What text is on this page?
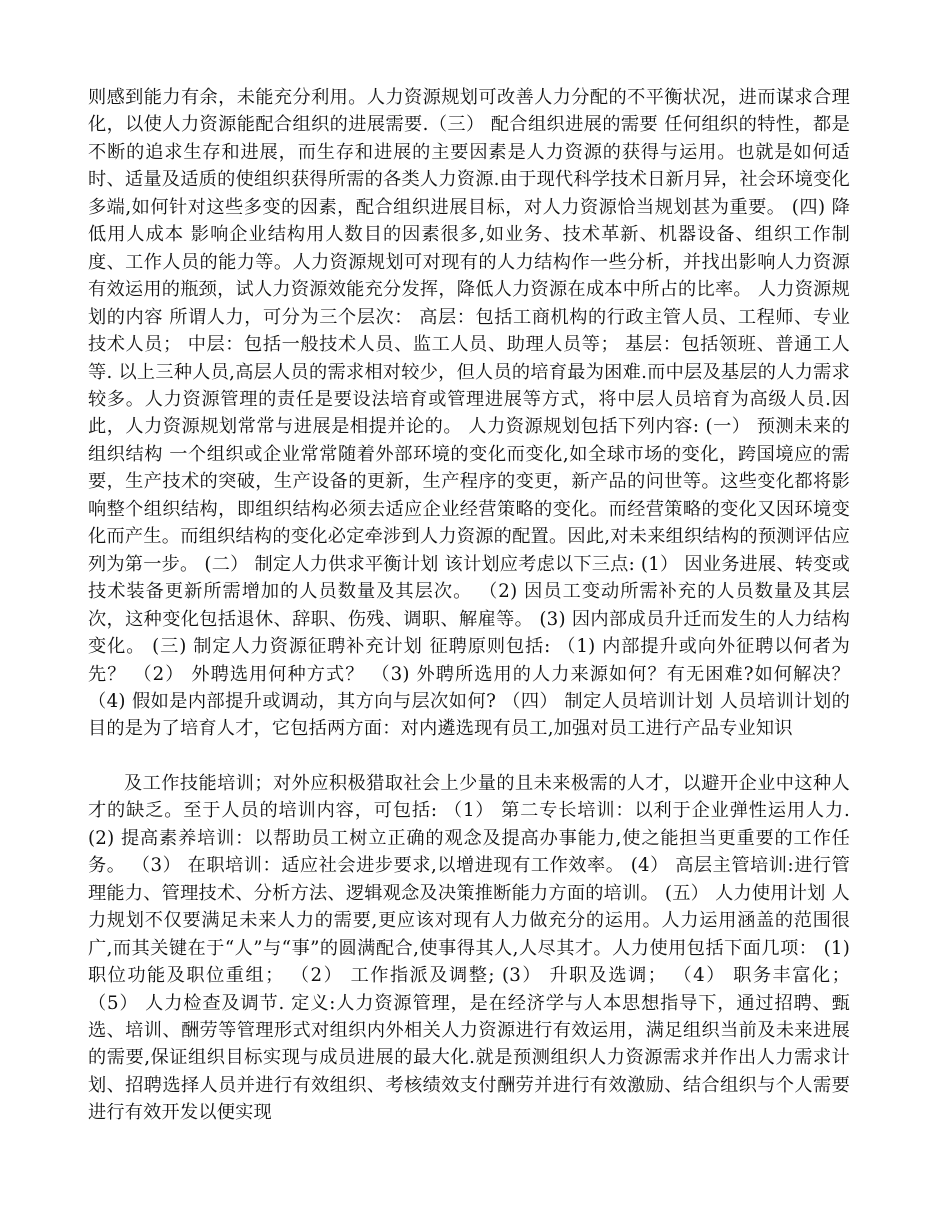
则感到能力有余，未能充分利用。人力资源规划可改善人力分配的不平衡状况，进而谋求合理化，以使人力资源能配合组织的进展需要.（三） 配合组织进展的需要 任何组织的特性，都是不断的追求生存和进展，而生存和进展的主要因素是人力资源的获得与运用。也就是如何适时、适量及适质的使组织获得所需的各类人力资源.由于现代科学技术日新月异，社会环境变化多端,如何针对这些多变的因素，配合组织进展目标，对人力资源恰当规划甚为重要。 (四) 降低用人成本 影响企业结构用人数目的因素很多,如业务、技术革新、机器设备、组织工作制度、工作人员的能力等。人力资源规划可对现有的人力结构作一些分析，并找出影响人力资源有效运用的瓶颈，试人力资源效能充分发挥，降低人力资源在成本中所占的比率。 人力资源规划的内容 所谓人力，可分为三个层次： 高层：包括工商机构的行政主管人员、工程师、专业技术人员； 中层：包括一般技术人员、监工人员、助理人员等； 基层：包括领班、普通工人等. 以上三种人员,高层人员的需求相对较少，但人员的培育最为困难.而中层及基层的人力需求较多。人力资源管理的责任是要设法培育或管理进展等方式，将中层人员培育为高级人员.因此，人力资源规划常常与进展是相提并论的。 人力资源规划包括下列内容: (一） 预测未来的组织结构 一个组织或企业常常随着外部环境的变化而变化,如全球市场的变化，跨国境应的需要，生产技术的突破，生产设备的更新，生产程序的变更，新产品的问世等。这些变化都将影响整个组织结构，即组织结构必须去适应企业经营策略的变化。而经营策略的变化又因环境变化而产生。而组织结构的变化必定牵涉到人力资源的配置。因此,对未来组织结构的预测评估应列为第一步。 (二） 制定人力供求平衡计划 该计划应考虑以下三点: (1） 因业务进展、转变或技术装备更新所需增加的人员数量及其层次。 （2) 因员工变动所需补充的人员数量及其层次，这种变化包括退休、辞职、伤残、调职、解雇等。 (3) 因内部成员升迁而发生的人力结构变化。 (三) 制定人力资源征聘补充计划 征聘原则包括: （1) 内部提升或向外征聘以何者为先？ （2） 外聘选用何种方式？ （3) 外聘所选用的人力来源如何？有无困难?如何解决？ （4) 假如是内部提升或调动，其方向与层次如何? （四） 制定人员培训计划 人员培训计划的目的是为了培育人才，它包括两方面：对内遴选现有员工,加强对员工进行产品专业知识

及工作技能培训；对外应积极猎取社会上少量的且未来极需的人才，以避开企业中这种人才的缺乏。至于人员的培训内容，可包括: （1） 第二专长培训：以利于企业弹性运用人力. (2) 提高素养培训：以帮助员工树立正确的观念及提高办事能力,使之能担当更重要的工作任务。 （3） 在职培训：适应社会进步要求,以增进现有工作效率。 (4） 高层主管培训:进行管理能力、管理技术、分析方法、逻辑观念及决策推断能力方面的培训。 (五） 人力使用计划 人力规划不仅要满足未来人力的需要,更应该对现有人力做充分的运用。人力运用涵盖的范围很广,而其关键在于“人”与“事”的圆满配合,使事得其人,人尽其才。人力使用包括下面几项： (1) 职位功能及职位重组； （2） 工作指派及调整; (3） 升职及选调； （4） 职务丰富化； （5） 人力检查及调节. 定义:人力资源管理，是在经济学与人本思想指导下，通过招聘、甄选、培训、酬劳等管理形式对组织内外相关人力资源进行有效运用，满足组织当前及未来进展的需要,保证组织目标实现与成员进展的最大化.就是预测组织人力资源需求并作出人力需求计划、招聘选择人员并进行有效组织、考核绩效支付酬劳并进行有效激励、结合组织与个人需要进行有效开发以便实现
